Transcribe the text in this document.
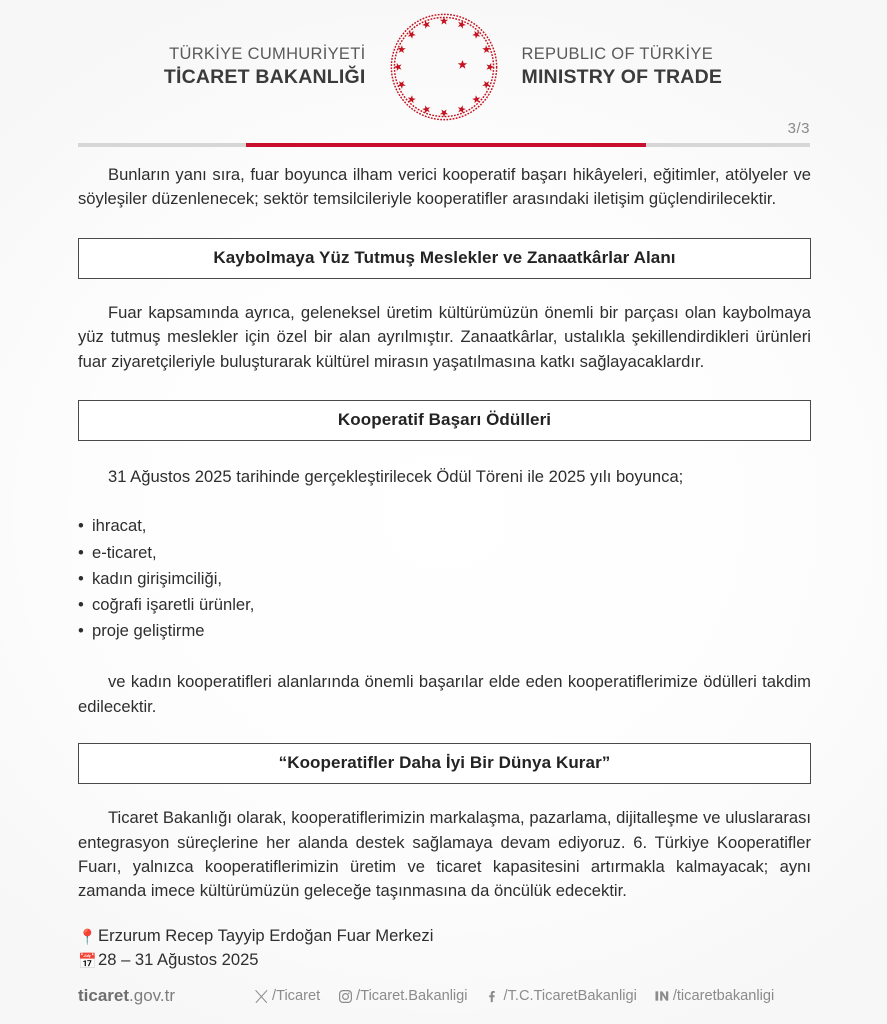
TÜRKİYE CUMHURİYETİ
TİCARET BAKANLIĞI
REPUBLIC OF TÜRKİYE
MINISTRY OF TRADE
3/3

Bunların yanı sıra, fuar boyunca ilham verici kooperatif başarı hikâyeleri, eğitimler, atölyeler ve söyleşiler düzenlenecek; sektör temsilcileriyle kooperatifler arasındaki iletişim güçlendirilecektir.

Kaybolmaya Yüz Tutmuş Meslekler ve Zanaatkârlar Alanı

Fuar kapsamında ayrıca, geleneksel üretim kültürümüzün önemli bir parçası olan kaybolmaya yüz tutmuş meslekler için özel bir alan ayrılmıştır. Zanaatkârlar, ustalıkla şekillendirdikleri ürünleri fuar ziyaretçileriyle buluşturarak kültürel mirasın yaşatılmasına katkı sağlayacaklardır.

Kooperatif Başarı Ödülleri

31 Ağustos 2025 tarihinde gerçekleştirilecek Ödül Töreni ile 2025 yılı boyunca;

• ihracat,
• e-ticaret,
• kadın girişimciliği,
• coğrafi işaretli ürünler,
• proje geliştirme

ve kadın kooperatifleri alanlarında önemli başarılar elde eden kooperatiflerimize ödülleri takdim edilecektir.

“Kooperatifler Daha İyi Bir Dünya Kurar”

Ticaret Bakanlığı olarak, kooperatiflerimizin markalaşma, pazarlama, dijitalleşme ve uluslararası entegrasyon süreçlerine her alanda destek sağlamaya devam ediyoruz. 6. Türkiye Kooperatifler Fuarı, yalnızca kooperatiflerimizin üretim ve ticaret kapasitesini artırmakla kalmayacak; aynı zamanda imece kültürümüzün geleceğe taşınmasına da öncülük edecektir.

📍Erzurum Recep Tayyip Erdoğan Fuar Merkezi
📅28 – 31 Ağustos 2025
ticaret.gov.tr	/Ticaret /Ticaret.Bakanligi /T.C.TicaretBakanligi /ticaretbakanligi
